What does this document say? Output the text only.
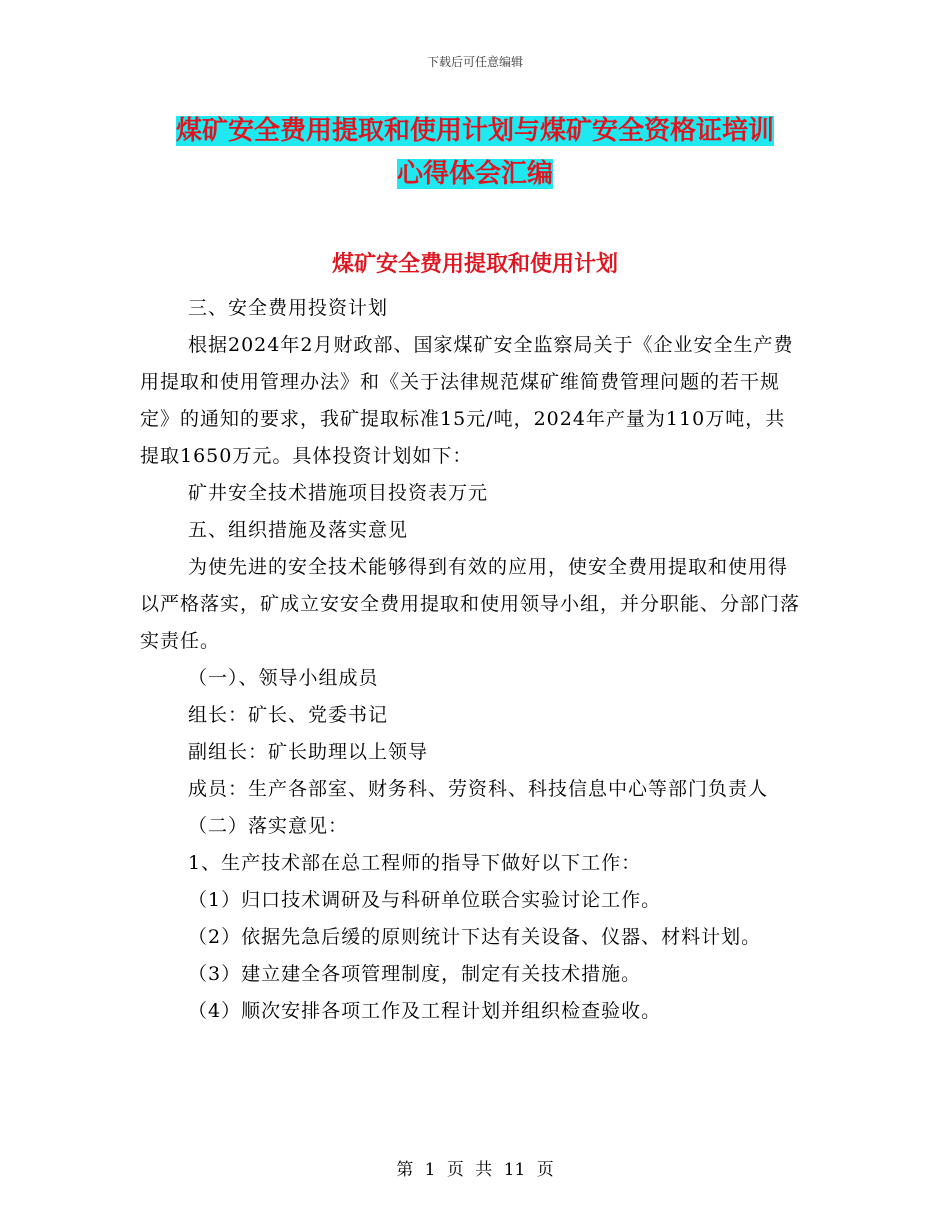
下载后可任意编辑
煤矿安全费用提取和使用计划与煤矿安全资格证培训
心得体会汇编
煤矿安全费用提取和使用计划

三、安全费用投资计划

根据2024年2月财政部、国家煤矿安全监察局关于《企业安全生产费用提取和使用管理办法》和《关于法律规范煤矿维简费管理问题的若干规定》的通知的要求，我矿提取标准15元/吨，2024年产量为110万吨，共提取1650万元。具体投资计划如下：

矿井安全技术措施项目投资表万元

五、组织措施及落实意见

为使先进的安全技术能够得到有效的应用，使安全费用提取和使用得以严格落实，矿成立安安全费用提取和使用领导小组，并分职能、分部门落实责任。

（一）、领导小组成员

组长：矿长、党委书记

副组长：矿长助理以上领导

成员：生产各部室、财务科、劳资科、科技信息中心等部门负责人

（二）落实意见：

1、生产技术部在总工程师的指导下做好以下工作：

（1）归口技术调研及与科研单位联合实验讨论工作。

（2）依据先急后缓的原则统计下达有关设备、仪器、材料计划。

（3）建立建全各项管理制度，制定有关技术措施。

（4）顺次安排各项工作及工程计划并组织检查验收。

第 1 页 共 11 页
